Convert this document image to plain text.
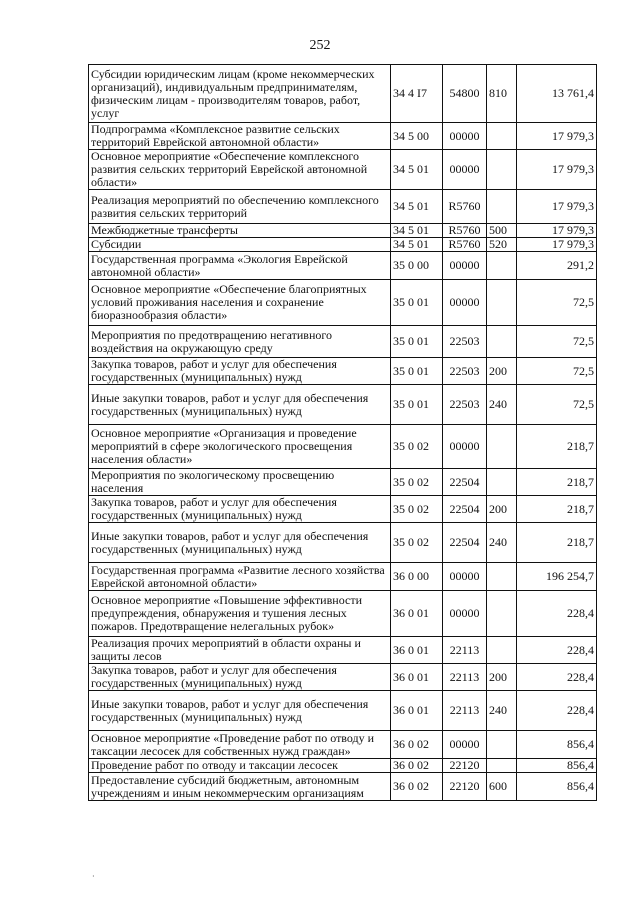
252
Субсидии юридическим лицам (кроме некоммерческих организаций), индивидуальным предпринимателям, физическим лицам - производителям товаров, работ, услуг	34 4 I7	54800	810	13 761,4
Подпрограмма «Комплексное развитие сельских территорий Еврейской автономной области»	34 5 00	00000		17 979,3
Основное мероприятие «Обеспечение комплексного развития сельских территорий Еврейской автономной области»	34 5 01	00000		17 979,3
Реализация мероприятий по обеспечению комплексного развития сельских территорий	34 5 01	R5760		17 979,3
Межбюджетные трансферты	34 5 01	R5760	500	17 979,3
Субсидии	34 5 01	R5760	520	17 979,3
Государственная программа «Экология Еврейской автономной области»	35 0 00	00000		291,2
Основное мероприятие «Обеспечение благоприятных условий проживания населения и сохранение биоразнообразия области»	35 0 01	00000		72,5
Мероприятия по предотвращению негативного воздействия на окружающую среду	35 0 01	22503		72,5
Закупка товаров, работ и услуг для обеспечения государственных (муниципальных) нужд	35 0 01	22503	200	72,5
Иные закупки товаров, работ и услуг для обеспечения государственных (муниципальных) нужд	35 0 01	22503	240	72,5
Основное мероприятие «Организация и проведение мероприятий в сфере экологического просвещения населения области»	35 0 02	00000		218,7
Мероприятия по экологическому просвещению населения	35 0 02	22504		218,7
Закупка товаров, работ и услуг для обеспечения государственных (муниципальных) нужд	35 0 02	22504	200	218,7
Иные закупки товаров, работ и услуг для обеспечения государственных (муниципальных) нужд	35 0 02	22504	240	218,7
Государственная программа «Развитие лесного хозяйства Еврейской автономной области»	36 0 00	00000		196 254,7
Основное мероприятие «Повышение эффективности предупреждения, обнаружения и тушения лесных пожаров. Предотвращение нелегальных рубок»	36 0 01	00000		228,4
Реализация прочих мероприятий в области охраны и защиты лесов	36 0 01	22113		228,4
Закупка товаров, работ и услуг для обеспечения государственных (муниципальных) нужд	36 0 01	22113	200	228,4
Иные закупки товаров, работ и услуг для обеспечения государственных (муниципальных) нужд	36 0 01	22113	240	228,4
Основное мероприятие «Проведение работ по отводу и таксации лесосек для собственных нужд граждан»	36 0 02	00000		856,4
Проведение работ по отводу и таксации лесосек	36 0 02	22120		856,4
Предоставление субсидий бюджетным, автономным учреждениям и иным некоммерческим организациям	36 0 02	22120	600	856,4
·
